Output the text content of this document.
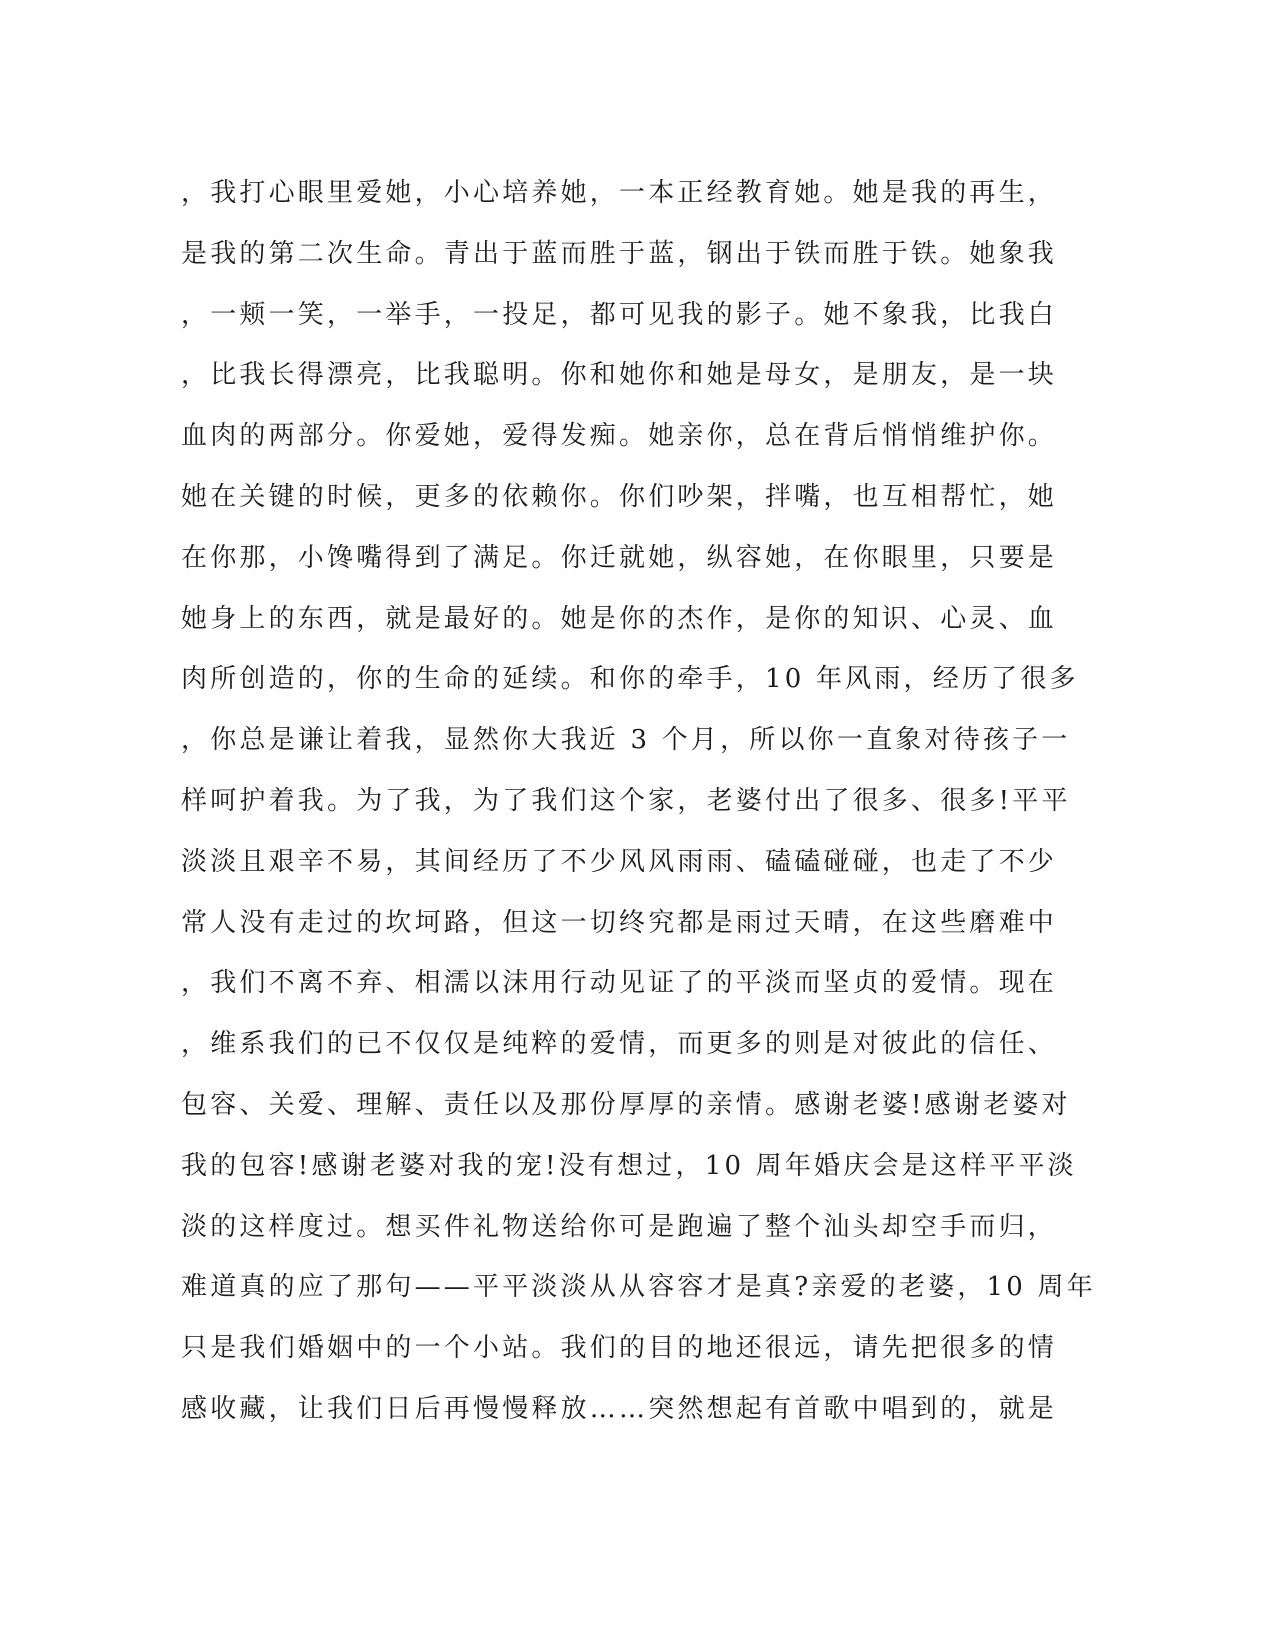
，我打心眼里爱她，小心培养她，一本正经教育她。她是我的再生，
是我的第二次生命。青出于蓝而胜于蓝，钢出于铁而胜于铁。她象我
，一颊一笑，一举手，一投足，都可见我的影子。她不象我，比我白
，比我长得漂亮，比我聪明。你和她你和她是母女，是朋友，是一块
血肉的两部分。你爱她，爱得发痴。她亲你，总在背后悄悄维护你。
她在关键的时候，更多的依赖你。你们吵架，拌嘴，也互相帮忙，她
在你那，小馋嘴得到了满足。你迁就她，纵容她，在你眼里，只要是
她身上的东西，就是最好的。她是你的杰作，是你的知识、心灵、血
肉所创造的，你的生命的延续。和你的牵手，10 年风雨，经历了很多
，你总是谦让着我，显然你大我近 3 个月，所以你一直象对待孩子一
样呵护着我。为了我，为了我们这个家，老婆付出了很多、很多!平平
淡淡且艰辛不易，其间经历了不少风风雨雨、磕磕碰碰，也走了不少
常人没有走过的坎坷路，但这一切终究都是雨过天晴，在这些磨难中
，我们不离不弃、相濡以沫用行动见证了的平淡而坚贞的爱情。现在
，维系我们的已不仅仅是纯粹的爱情，而更多的则是对彼此的信任、
包容、关爱、理解、责任以及那份厚厚的亲情。感谢老婆!感谢老婆对
我的包容!感谢老婆对我的宠!没有想过，10 周年婚庆会是这样平平淡
淡的这样度过。想买件礼物送给你可是跑遍了整个汕头却空手而归，
难道真的应了那句——平平淡淡从从容容才是真?亲爱的老婆，10 周年
只是我们婚姻中的一个小站。我们的目的地还很远，请先把很多的情
感收藏，让我们日后再慢慢释放……突然想起有首歌中唱到的，就是
